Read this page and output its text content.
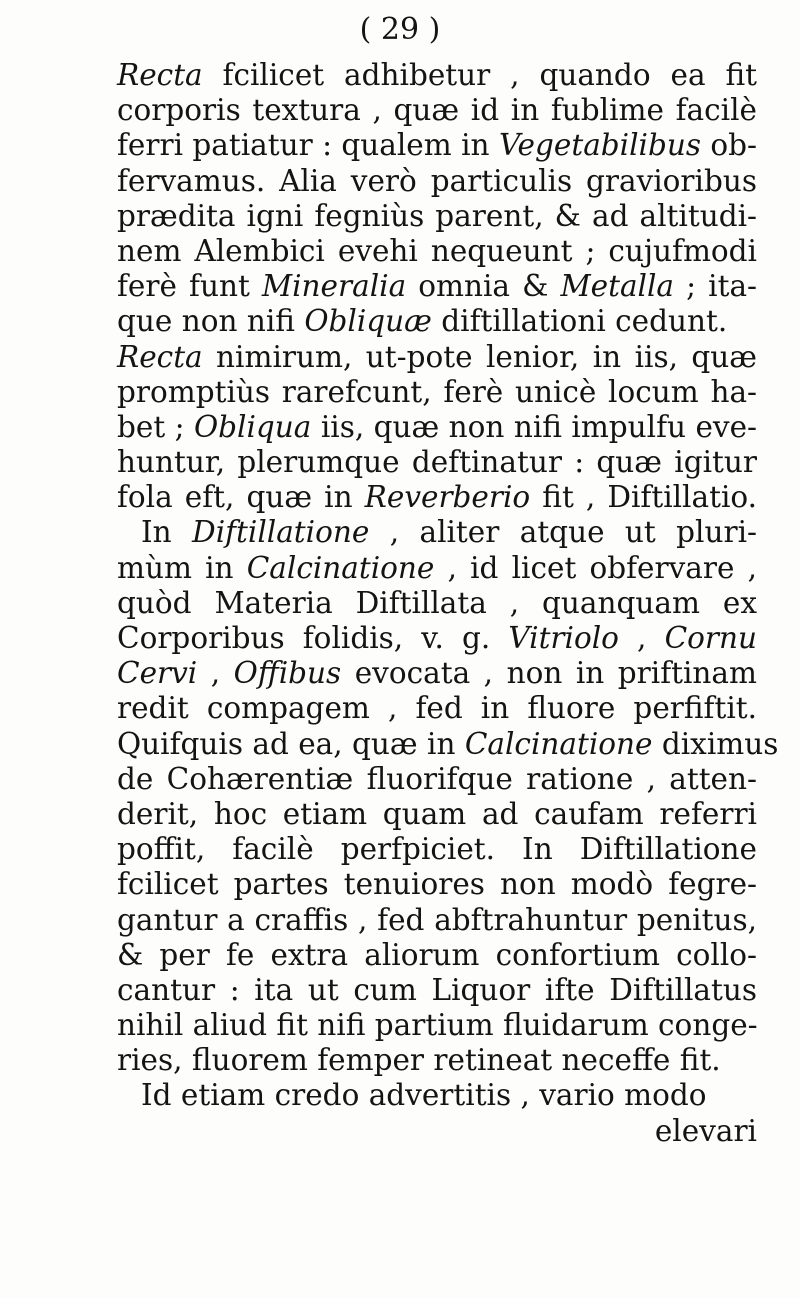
( 29 )
Recta fcilicet adhibetur , quando ea fit
corporis textura , quæ id in fublime facilè
ferri patiatur : qualem in Vegetabilibus ob-
fervamus. Alia verò particulis gravioribus
prædita igni fegniùs parent, & ad altitudi-
nem Alembici evehi nequeunt ; cujufmodi
ferè funt Mineralia omnia & Metalla ; ita-
que non nifi Obliquæ diftillationi cedunt.
Recta nimirum, ut-pote lenior, in iis, quæ
promptiùs rarefcunt, ferè unicè locum ha-
bet ; Obliqua iis, quæ non nifi impulfu eve-
huntur, plerumque deftinatur : quæ igitur
fola eft, quæ in Reverberio fit , Diftillatio.
In Diftillatione , aliter atque ut pluri-
mùm in Calcinatione , id licet obfervare ,
quòd Materia Diftillata , quanquam ex
Corporibus folidis, v. g. Vitriolo , Cornu
Cervi , Offibus evocata , non in priftinam
redit compagem , fed in fluore perfiftit.
Quifquis ad ea, quæ in Calcinatione diximus
de Cohærentiæ fluorifque ratione , atten-
derit, hoc etiam quam ad caufam referri
poffit, facilè perfpiciet. In Diftillatione
fcilicet partes tenuiores non modò fegre-
gantur a craffis , fed abftrahuntur penitus,
& per fe extra aliorum confortium collo-
cantur : ita ut cum Liquor ifte Diftillatus
nihil aliud fit nifi partium fluidarum conge-
ries, fluorem femper retineat neceffe fit.
Id etiam credo advertitis , vario modo
elevari
